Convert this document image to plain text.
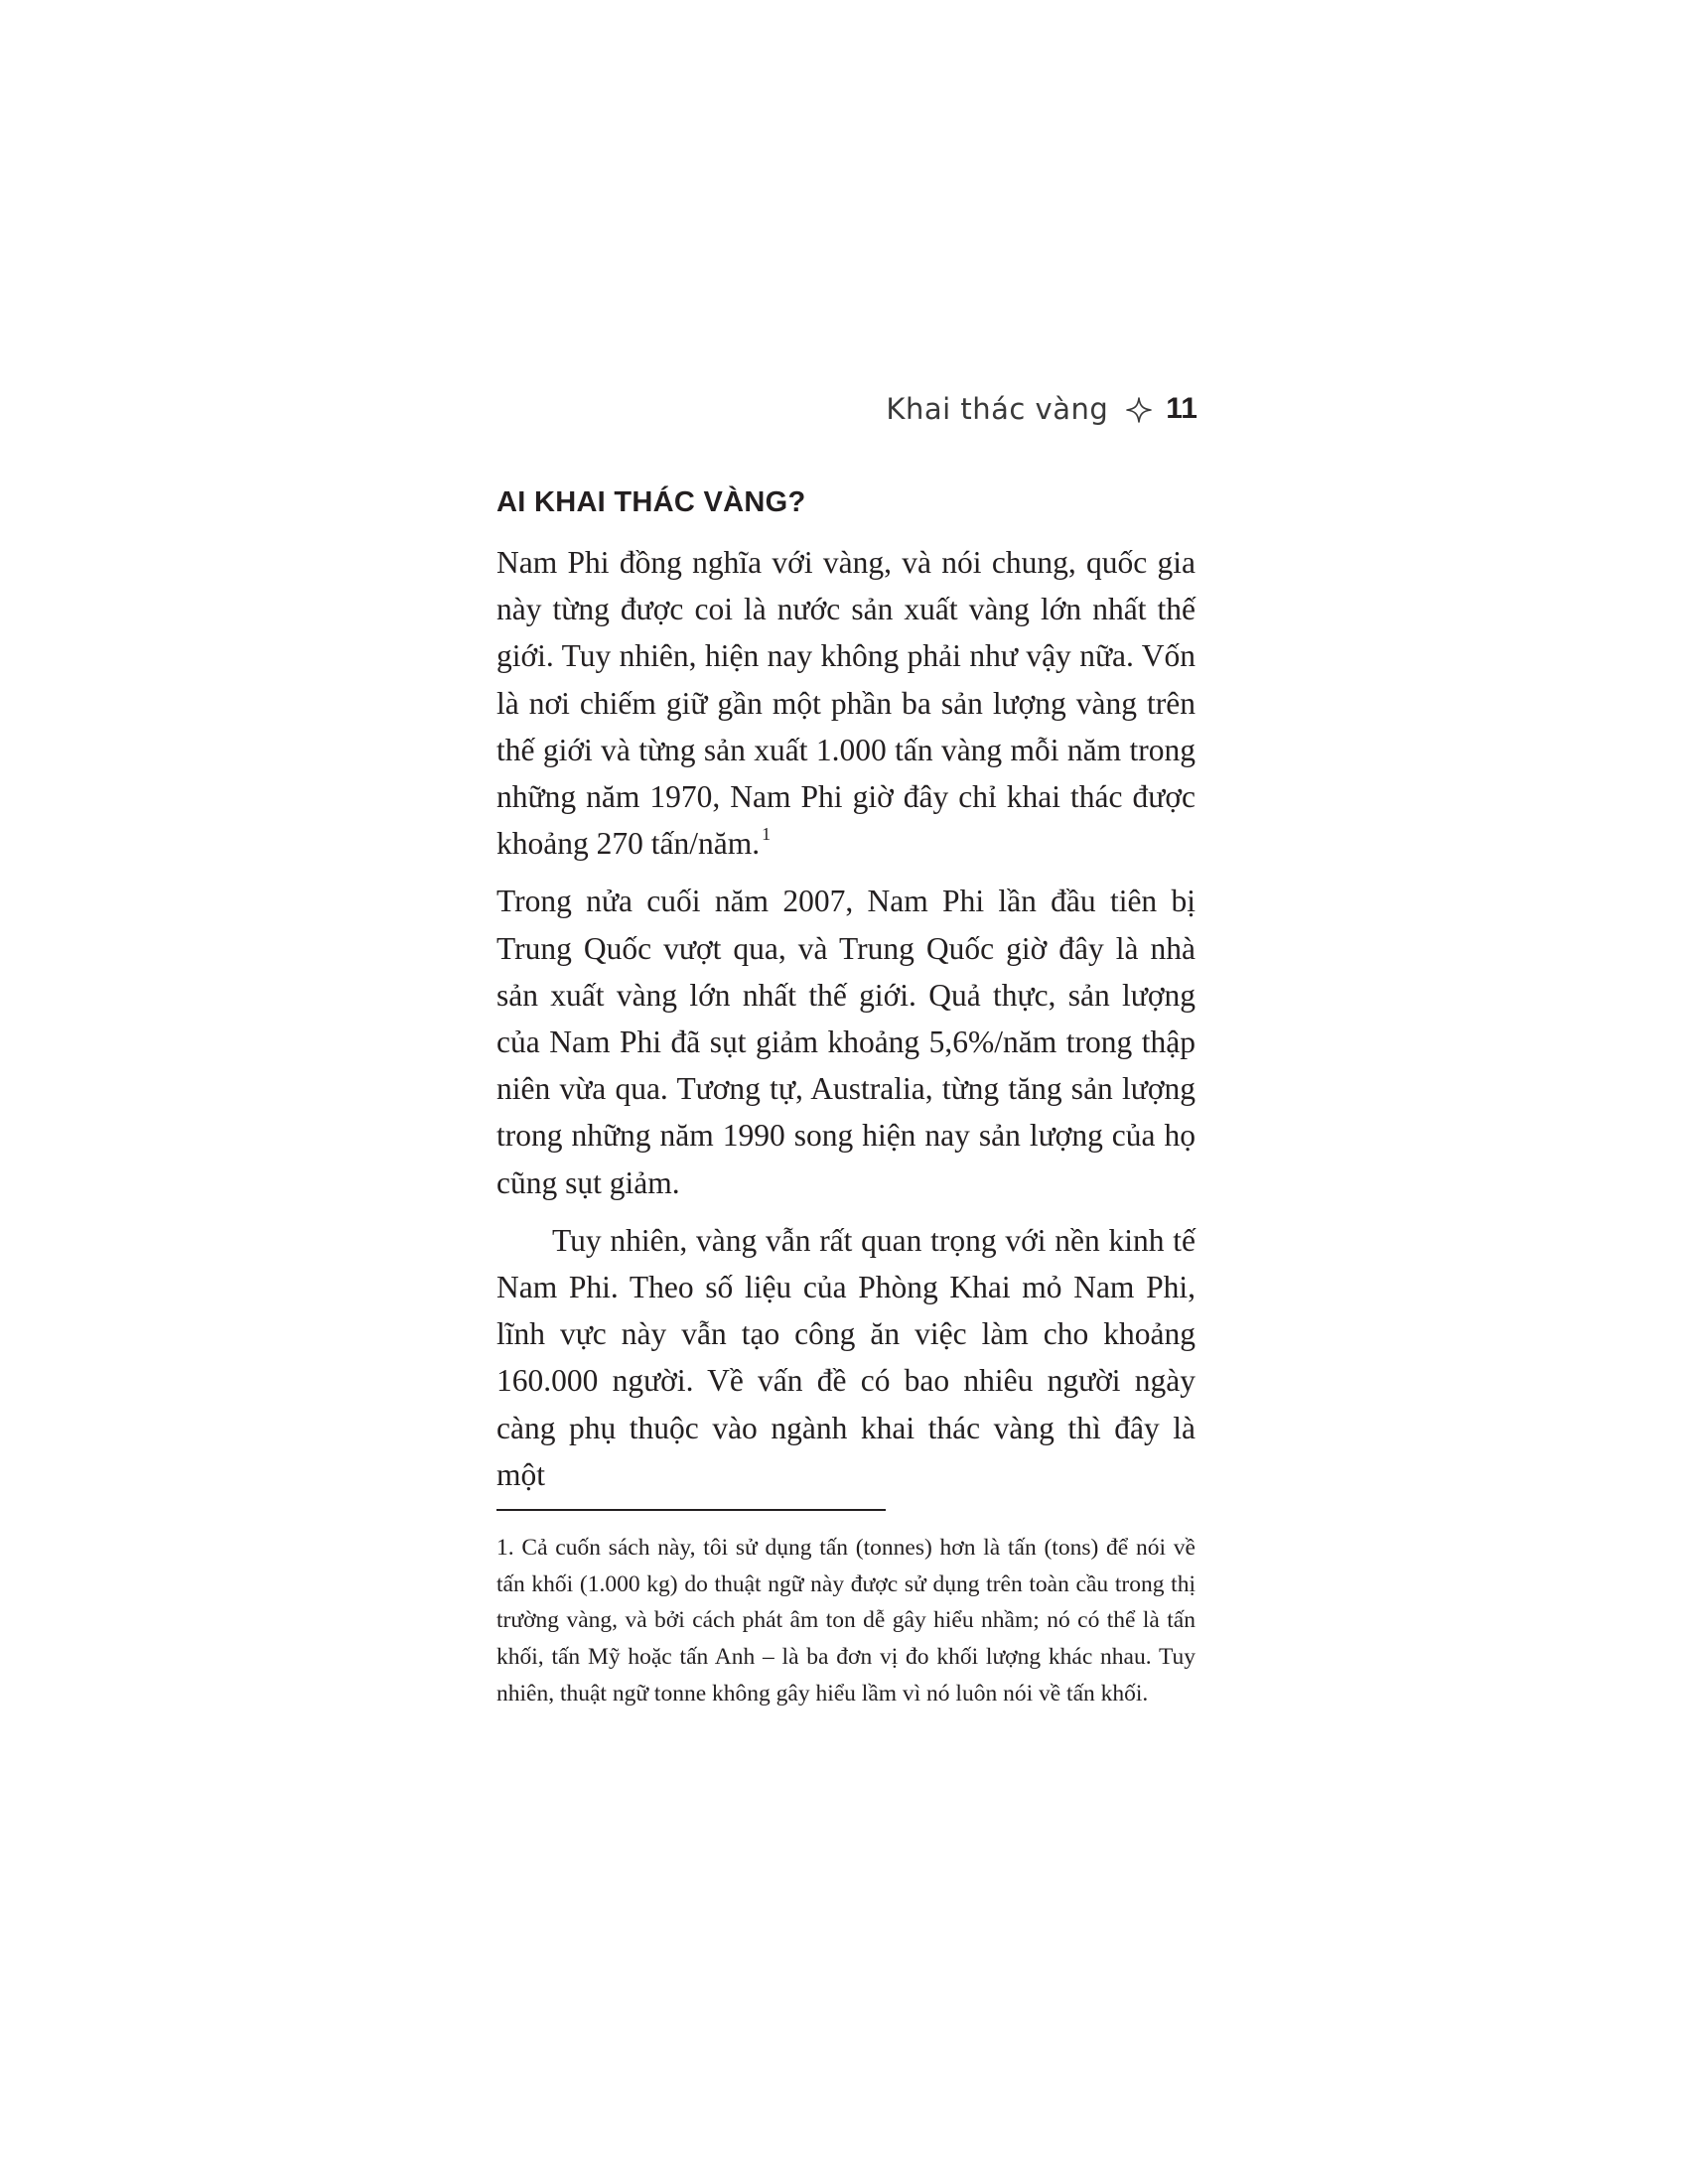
Khai thác vàng 11
AI KHAI THÁC VÀNG?

Nam Phi đồng nghĩa với vàng, và nói chung, quốc gia này từng được coi là nước sản xuất vàng lớn nhất thế giới. Tuy nhiên, hiện nay không phải như vậy nữa. Vốn là nơi chiếm giữ gần một phần ba sản lượng vàng trên thế giới và từng sản xuất 1.000 tấn vàng mỗi năm trong những năm 1970, Nam Phi giờ đây chỉ khai thác được khoảng 270 tấn/năm. $^1$

Trong nửa cuối năm 2007, Nam Phi lần đầu tiên bị Trung Quốc vượt qua, và Trung Quốc giờ đây là nhà sản xuất vàng lớn nhất thế giới. Quả thực, sản lượng của Nam Phi đã sụt giảm khoảng 5,6%/năm trong thập niên vừa qua. Tương tự, Australia, từng tăng sản lượng trong những năm 1990 song hiện nay sản lượng của họ cũng sụt giảm.

Tuy nhiên, vàng vẫn rất quan trọng với nền kinh tế Nam Phi. Theo số liệu của Phòng Khai mỏ Nam Phi, lĩnh vực này vẫn tạo công ăn việc làm cho khoảng 160.000 người. Về vấn đề có bao nhiêu người ngày càng phụ thuộc vào ngành khai thác vàng thì đây là một

1. Cả cuốn sách này, tôi sử dụng tấn (tonnes) hơn là tấn (tons) để nói về tấn khối (1.000 kg) do thuật ngữ này được sử dụng trên toàn cầu trong thị trường vàng, và bởi cách phát âm ton dễ gây hiểu nhầm; nó có thể là tấn khối, tấn Mỹ hoặc tấn Anh – là ba đơn vị đo khối lượng khác nhau. Tuy nhiên, thuật ngữ tonne không gây hiểu lầm vì nó luôn nói về tấn khối.
